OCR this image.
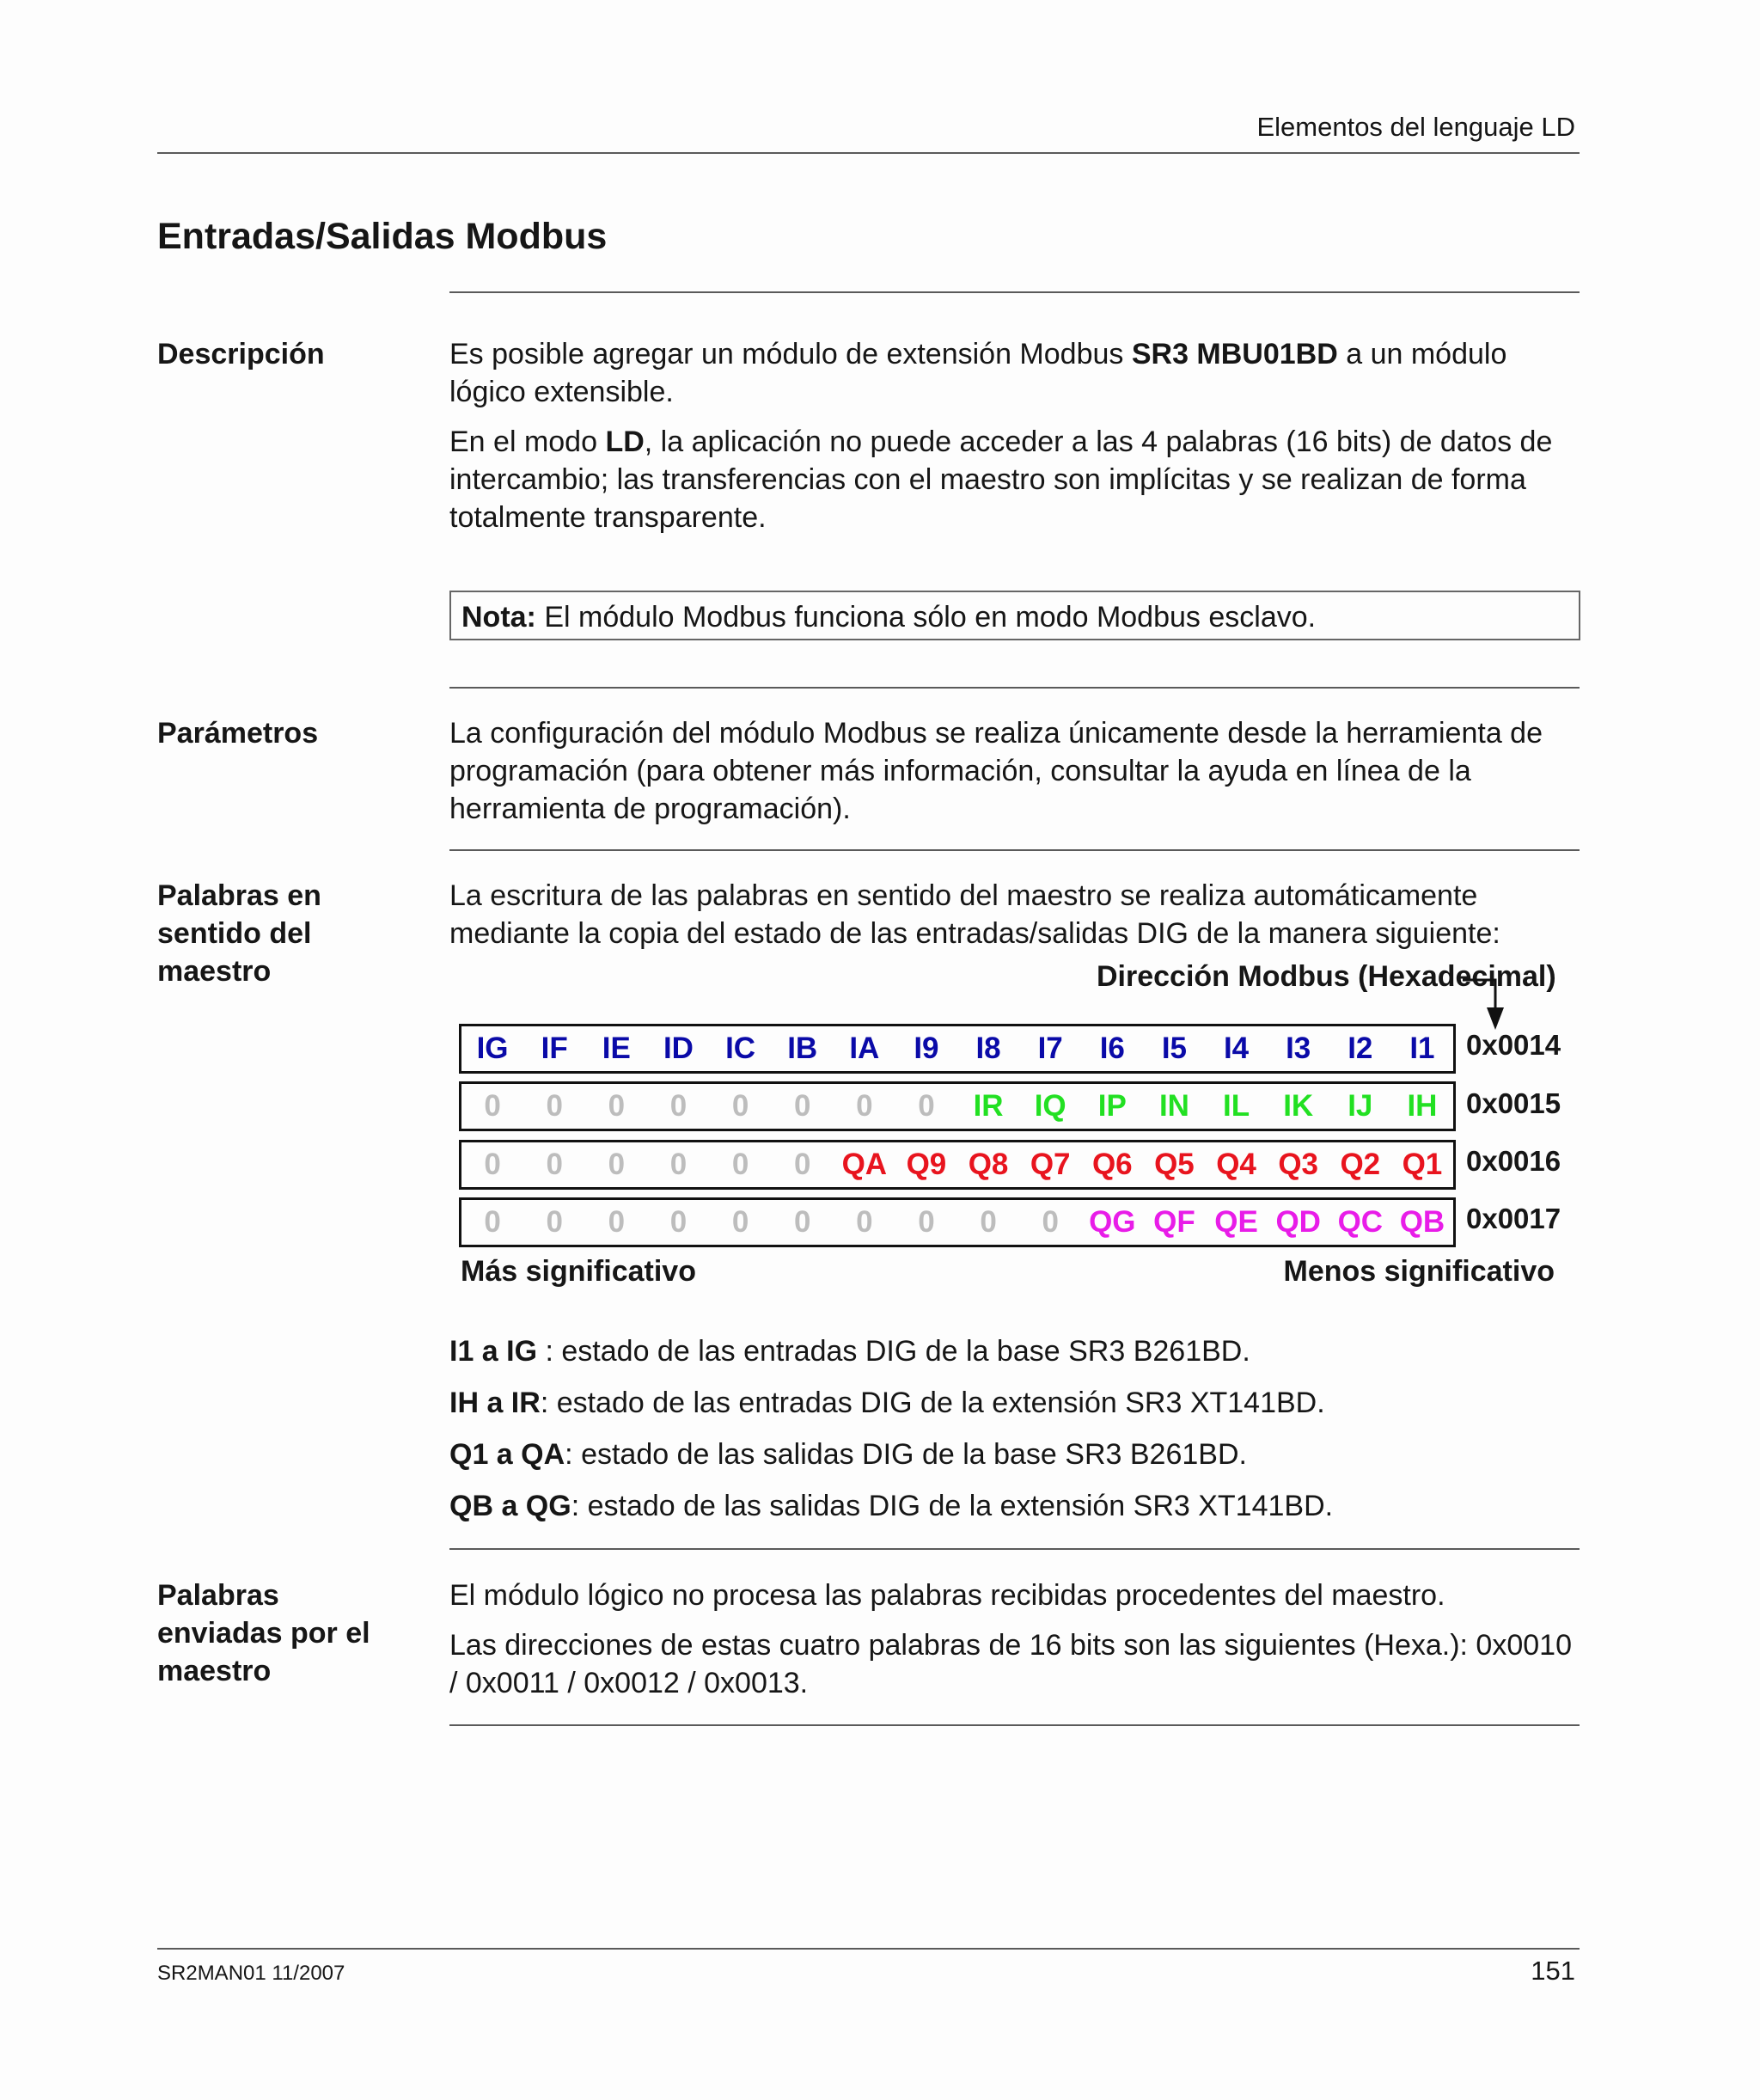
Elementos del lenguaje LD
Entradas/Salidas Modbus
Descripción	Es posible agregar un módulo de extensión Modbus SR3 MBU01BD a un módulo lógico extensible.

En el modo LD, la aplicación no puede acceder a las 4 palabras (16 bits) de datos de intercambio; las transferencias con el maestro son implícitas y se realizan de forma totalmente transparente.

Nota: El módulo Modbus funciona sólo en modo Modbus esclavo.
Parámetros	La configuración del módulo Modbus se realiza únicamente desde la herramienta de programación (para obtener más información, consultar la ayuda en línea de la herramienta de programación).
Palabras en sentido del maestro
La escritura de las palabras en sentido del maestro se realiza automáticamente mediante la copia del estado de las entradas/salidas DIG de la manera siguiente:
Dirección Modbus (Hexadecimal)
IG	IF	IE	ID	IC	IB	IA	I9	I8	I7	I6	I5	I4	I3	I2	I1
0	0	0	0	0	0	0	0	IR	IQ	IP	IN	IL	IK	IJ	IH
0	0	0	0	0	0	QA Q9 Q8 Q7 Q6 Q5 Q4 Q3 Q2 Q1
0	0	0	0	0	0	0	0	0	0	QG QF QE QD QC QB
0x0014
0x0015
0x0016
0x0017
Más significativo	Menos significativo
I1 a IG : estado de las entradas DIG de la base SR3 B261BD.
IH a IR: estado de las entradas DIG de la extensión SR3 XT141BD.
Q1 a QA: estado de las salidas DIG de la base SR3 B261BD.
QB a QG: estado de las salidas DIG de la extensión SR3 XT141BD.
Palabras enviadas por el maestro

El módulo lógico no procesa las palabras recibidas procedentes del maestro.

Las direcciones de estas cuatro palabras de 16 bits son las siguientes (Hexa.): 0x0010 / 0x0011 / 0x0012 / 0x0013.

SR2MAN01 11/2007	151
